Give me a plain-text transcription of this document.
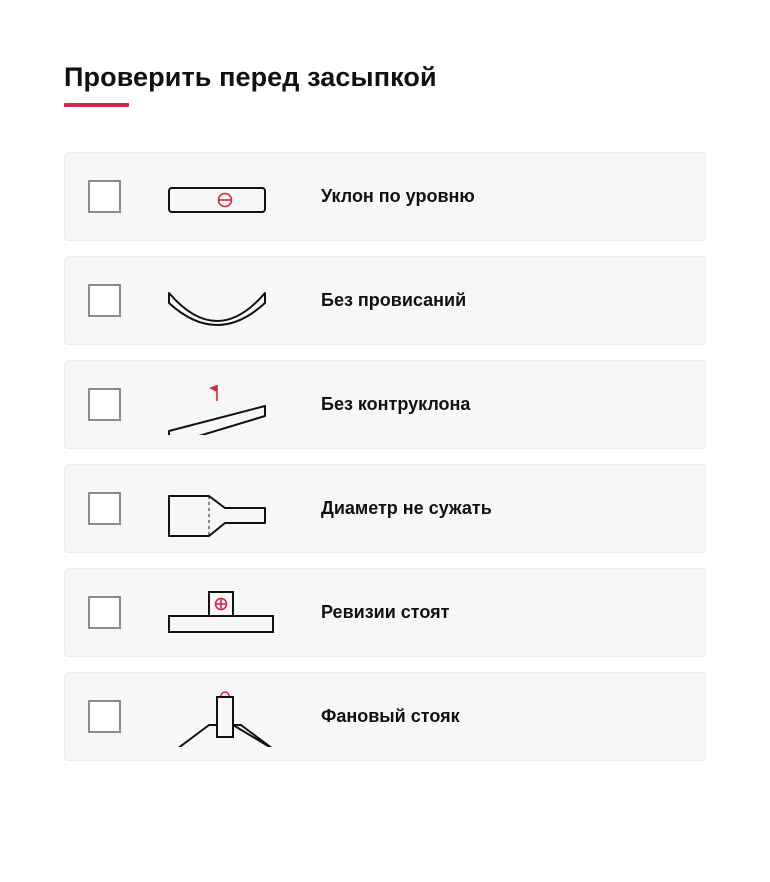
Проверить перед засыпкой
Уклон по уровню
Без провисаний
Без контруклона
Диаметр не сужать
Ревизии стоят
Фановый стояк
